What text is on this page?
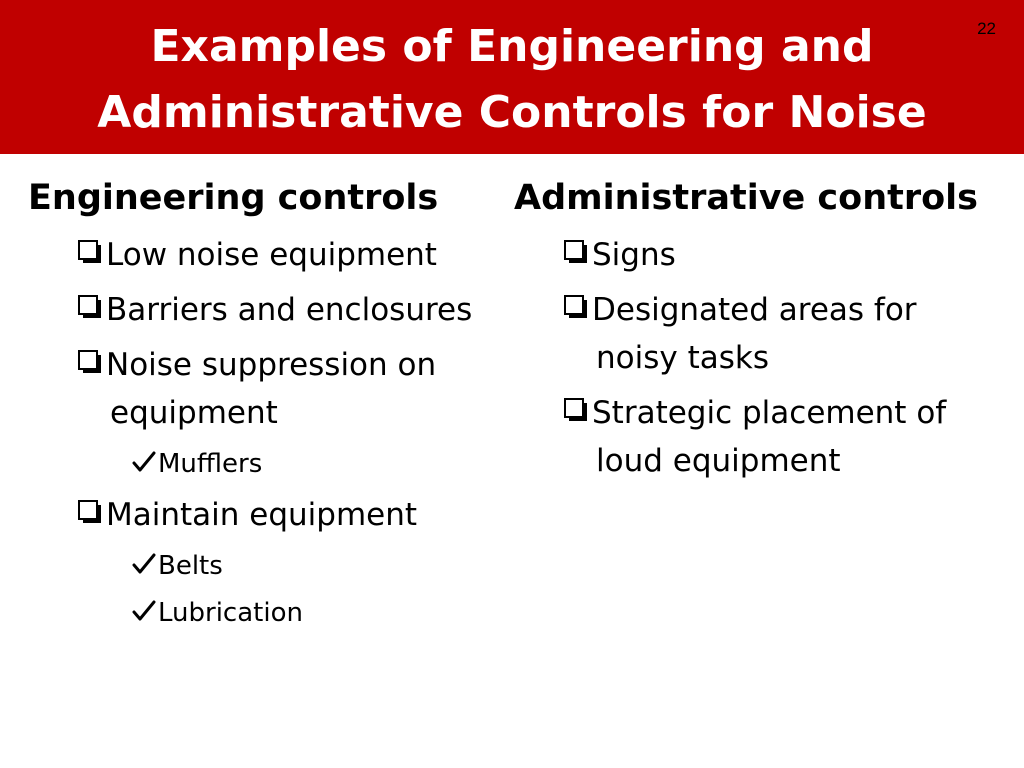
Examples of Engineering and
Administrative Controls for Noise
22
Engineering controls
Low noise equipment
Barriers and enclosures
Noise suppression on equipment
Mufflers
Maintain equipment
Belts
Lubrication
Administrative controls
Signs
Designated areas for noisy tasks
Strategic placement of loud equipment
